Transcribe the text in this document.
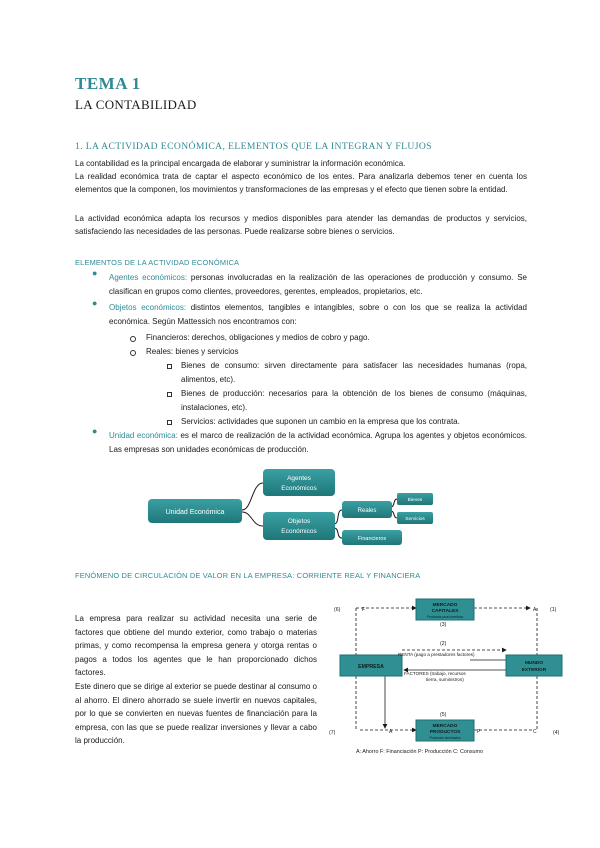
TEMA 1
LA CONTABILIDAD
1. LA ACTIVIDAD ECONÓMICA, ELEMENTOS QUE LA INTEGRAN Y FLUJOS

La contabilidad es la principal encargada de elaborar y suministrar la información económica.

La realidad económica trata de captar el aspecto económico de los entes. Para analizarla debemos tener en cuenta los elementos que la componen, los movimientos y transformaciones de las empresas y el efecto que tienen sobre la entidad.

La actividad económica adapta los recursos y medios disponibles para atender las demandas de productos y servicios, satisfaciendo las necesidades de las personas. Puede realizarse sobre bienes o servicios.

ELEMENTOS DE LA ACTIVIDAD ECONÓMICA
● Agentes económicos: personas involucradas en la realización de las operaciones de producción y consumo. Se clasifican en grupos como clientes, proveedores, gerentes, empleados, propietarios, etc.

● Objetos económicos: distintos elementos, tangibles e intangibles, sobre o con los que se realiza la actividad económica. Según Mattessich nos encontramos con:

Financieros: derechos, obligaciones y medios de cobro y pago.

Reales: bienes y servicios

Bienes de consumo: sirven directamente para satisfacer las necesidades humanas (ropa, alimentos, etc).

Bienes de producción: necesarios para la obtención de los bienes de consumo (máquinas, instalaciones, etc).

Servicios: actividades que suponen un cambio en la empresa que los contrata.

● Unidad económica: es el marco de realización de la actividad económica. Agrupa los agentes y objetos económicos. Las empresas son unidades económicas de producción.

Unidad Económica
Agentes
Económicos
Objetos
Económicos
Reales
Financieros
Bienes
Servicios
FENÓMENO DE CIRCULACIÓN DE VALOR EN LA EMPRESA: CORRIENTE REAL Y FINANCIERA

La empresa para realizar su actividad necesita una serie de factores que obtiene del mundo exterior, como trabajo o materias primas, y como recompensa la empresa genera y otorga rentas o pagos a todos los agentes que le han proporcionado dichos factores.

Este dinero que se dirige al exterior se puede destinar al consumo o al ahorro. El dinero ahorrado se suele invertir en nuevos capitales, por lo que se convierten en nuevas fuentes de financiación para la empresa, con las que se puede realizar inversiones y llevar a cabo la producción.

MERCADO
CAPITALES
Productos para invertidos
EMPRESA
MUNDO
EXTERIOR
MERCADO
PRODUCTOS
Productos terminados
RENTA (pago a prestadores factores)
FACTORES (trabajo, recursos
tierra, suministros)
(1)
(2)
(3)
(4)
(5)
(6)
(7)
F	A
A	P	C
A: Ahorro F: Financiación P: Producción C: Consumo
